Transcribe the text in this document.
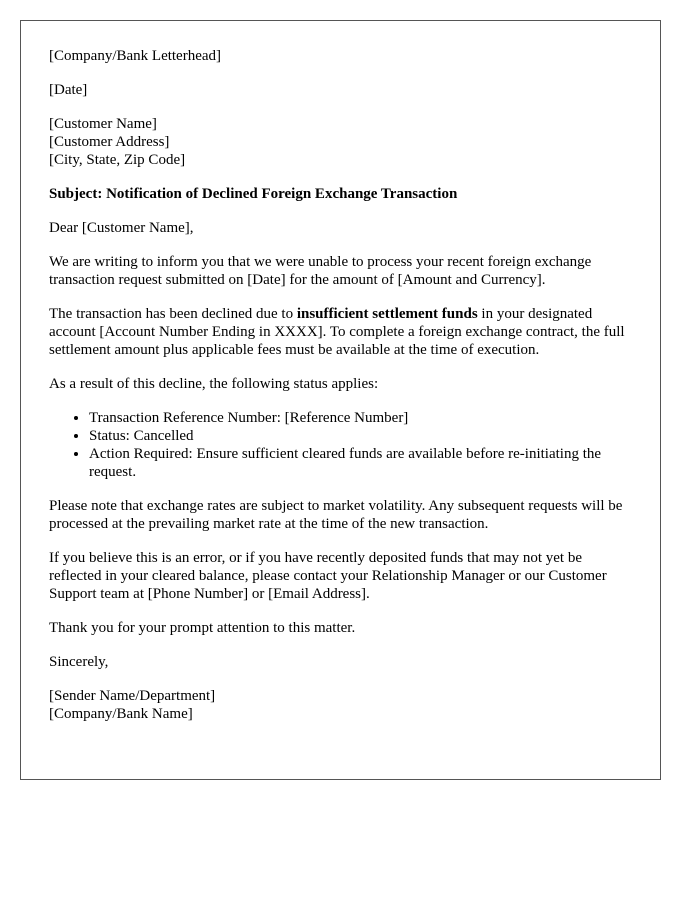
[Company/Bank Letterhead]

[Date]

[Customer Name]
[Customer Address]
[City, State, Zip Code]

Subject: Notification of Declined Foreign Exchange Transaction

Dear [Customer Name],

We are writing to inform you that we were unable to process your recent foreign exchange transaction request submitted on [Date] for the amount of [Amount and Currency].

The transaction has been declined due to insufficient settlement funds in your designated account [Account Number Ending in XXXX]. To complete a foreign exchange contract, the full settlement amount plus applicable fees must be available at the time of execution.

As a result of this decline, the following status applies:

• Transaction Reference Number: [Reference Number]
• Status: Cancelled
• Action Required: Ensure sufficient cleared funds are available before re-initiating the request.

Please note that exchange rates are subject to market volatility. Any subsequent requests will be processed at the prevailing market rate at the time of the new transaction.

If you believe this is an error, or if you have recently deposited funds that may not yet be reflected in your cleared balance, please contact your Relationship Manager or our Customer Support team at [Phone Number] or [Email Address].

Thank you for your prompt attention to this matter.

Sincerely,

[Sender Name/Department]
[Company/Bank Name]
